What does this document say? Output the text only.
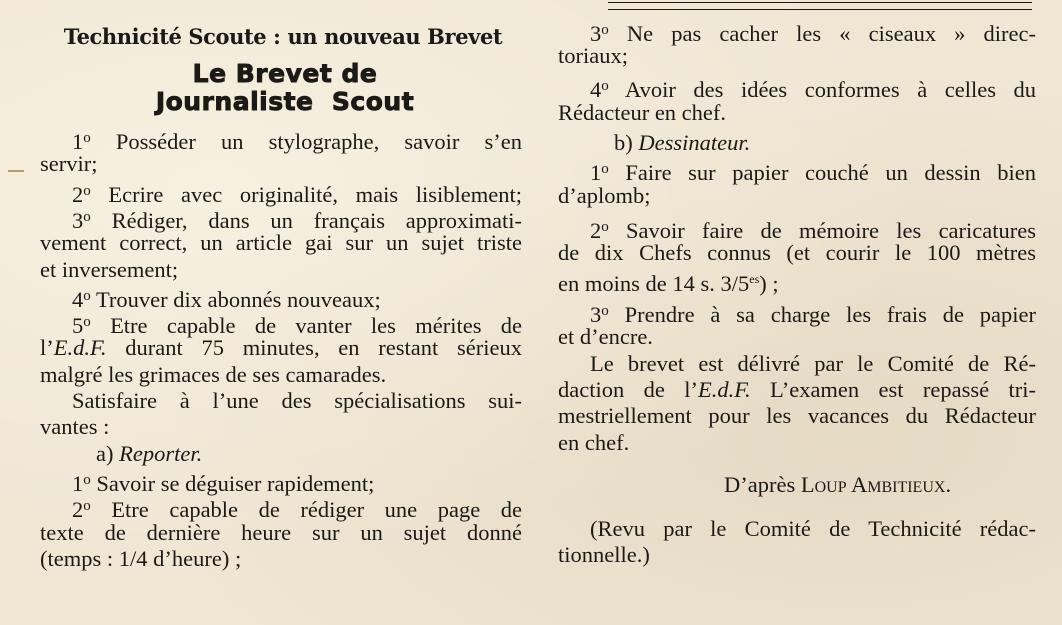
Technicité Scoute : un nouveau Brevet
Le Brevet de
Journaliste  Scout
1$^o$ Posséder un stylographe, savoir s’en
servir;
2$^o$ Ecrire avec originalité, mais lisiblement;
3$^o$ Rédiger, dans un français approximati-
vement correct, un article gai sur un sujet triste
et inversement;
4$^o$ Trouver dix abonnés nouveaux;
5$^o$ Etre capable de vanter les mérites de
l’E.d.F. durant 75 minutes, en restant sérieux
malgré les grimaces de ses camarades.
Satisfaire à l’une des spécialisations sui-
vantes :
a) Reporter.
1$^o$ Savoir se déguiser rapidement;
2$^o$ Etre capable de rédiger une page de
texte de dernière heure sur un sujet donné
(temps : 1/4 d’heure) ;
3$^o$ Ne pas cacher les « ciseaux » direc-
toriaux;
4$^o$ Avoir des idées conformes à celles du
Rédacteur en chef.
b) Dessinateur.
1$^o$ Faire sur papier couché un dessin bien
d’aplomb;
2$^o$ Savoir faire de mémoire les caricatures
de dix Chefs connus (et courir le 100 mètres
en moins de 14 s. $3/5^{es}$) ;
3$^o$ Prendre à sa charge les frais de papier
et d’encre.
Le brevet est délivré par le Comité de Ré-
daction de l’E.d.F. L’examen est repassé tri-
mestriellement pour les vacances du Rédacteur
en chef.
D’après Loup Ambitieux.
(Revu par le Comité de Technicité rédac-
tionnelle.)
